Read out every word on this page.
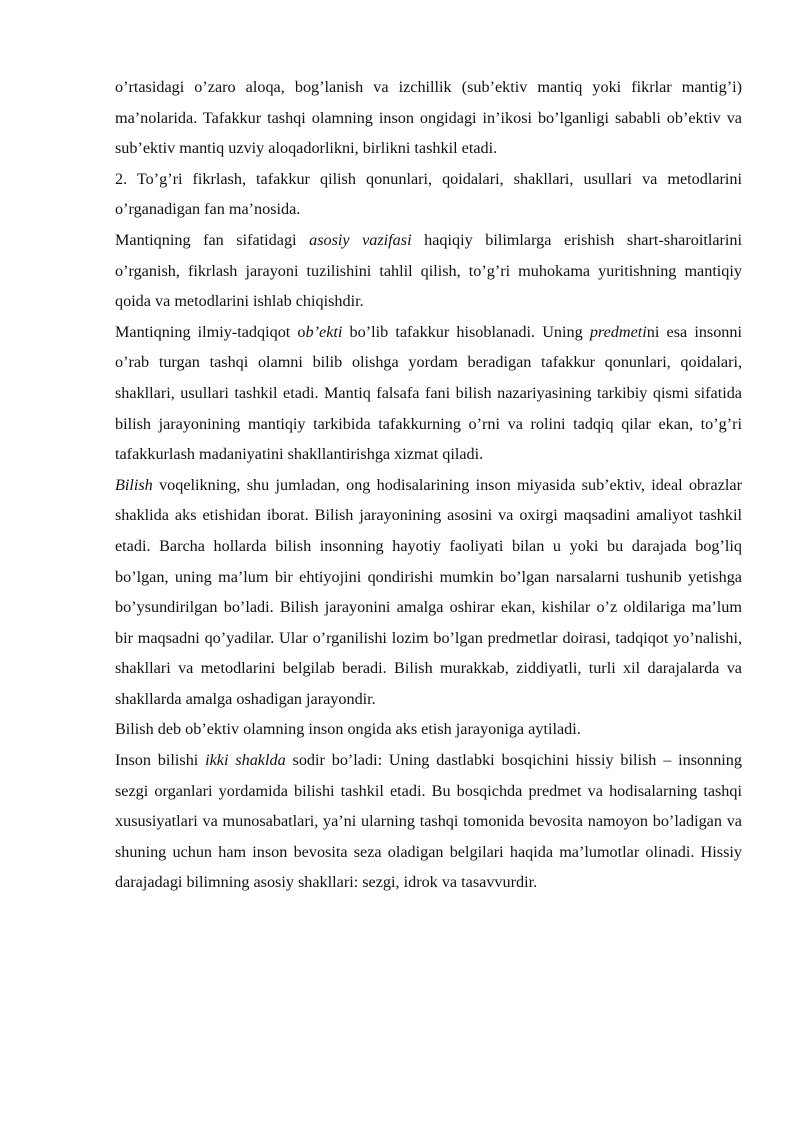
o’rtasidagi o’zaro aloqa, bog’lanish va izchillik (sub’ektiv mantiq yoki fikrlar mantig’i) ma’nolarida. Tafakkur tashqi olamning inson ongidagi in’ikosi bo’lganligi sababli ob’ektiv va sub’ektiv mantiq uzviy aloqadorlikni, birlikni tashkil etadi.

2. To’g’ri fikrlash, tafakkur qilish qonunlari, qoidalari, shakllari, usullari va metodlarini o’rganadigan fan ma’nosida.

Mantiqning fan sifatidagi asosiy vazifasi haqiqiy bilimlarga erishish shart-sharoitlarini o’rganish, fikrlash jarayoni tuzilishini tahlil qilish, to’g’ri muhokama yuritishning mantiqiy qoida va metodlarini ishlab chiqishdir.

Mantiqning ilmiy-tadqiqot ob’ekti bo’lib tafakkur hisoblanadi. Uning predmetini esa insonni o’rab turgan tashqi olamni bilib olishga yordam beradigan tafakkur qonunlari, qoidalari, shakllari, usullari tashkil etadi. Mantiq falsafa fani bilish nazariyasining tarkibiy qismi sifatida bilish jarayonining mantiqiy tarkibida tafakkurning o’rni va rolini tadqiq qilar ekan, to’g’ri tafakkurlash madaniyatini shakllantirishga xizmat qiladi.

Bilish voqelikning, shu jumladan, ong hodisalarining inson miyasida sub’ektiv, ideal obrazlar shaklida aks etishidan iborat. Bilish jarayonining asosini va oxirgi maqsadini amaliyot tashkil etadi. Barcha hollarda bilish insonning hayotiy faoliyati bilan u yoki bu darajada bog’liq bo’lgan, uning ma’lum bir ehtiyojini qondirishi mumkin bo’lgan narsalarni tushunib yetishga bo’ysundirilgan bo’ladi. Bilish jarayonini amalga oshirar ekan, kishilar o’z oldilariga ma’lum bir maqsadni qo’yadilar. Ular o’rganilishi lozim bo’lgan predmetlar doirasi, tadqiqot yo’nalishi, shakllari va metodlarini belgilab beradi. Bilish murakkab, ziddiyatli, turli xil darajalarda va shakllarda amalga oshadigan jarayondir.

Bilish deb ob’ektiv olamning inson ongida aks etish jarayoniga aytiladi.

Inson bilishi ikki shaklda sodir bo’ladi: Uning dastlabki bosqichini hissiy bilish – insonning sezgi organlari yordamida bilishi tashkil etadi. Bu bosqichda predmet va hodisalarning tashqi xususiyatlari va munosabatlari, ya’ni ularning tashqi tomonida bevosita namoyon bo’ladigan va shuning uchun ham inson bevosita seza oladigan belgilari haqida ma’lumotlar olinadi. Hissiy darajadagi bilimning asosiy shakllari: sezgi, idrok va tasavvurdir.
